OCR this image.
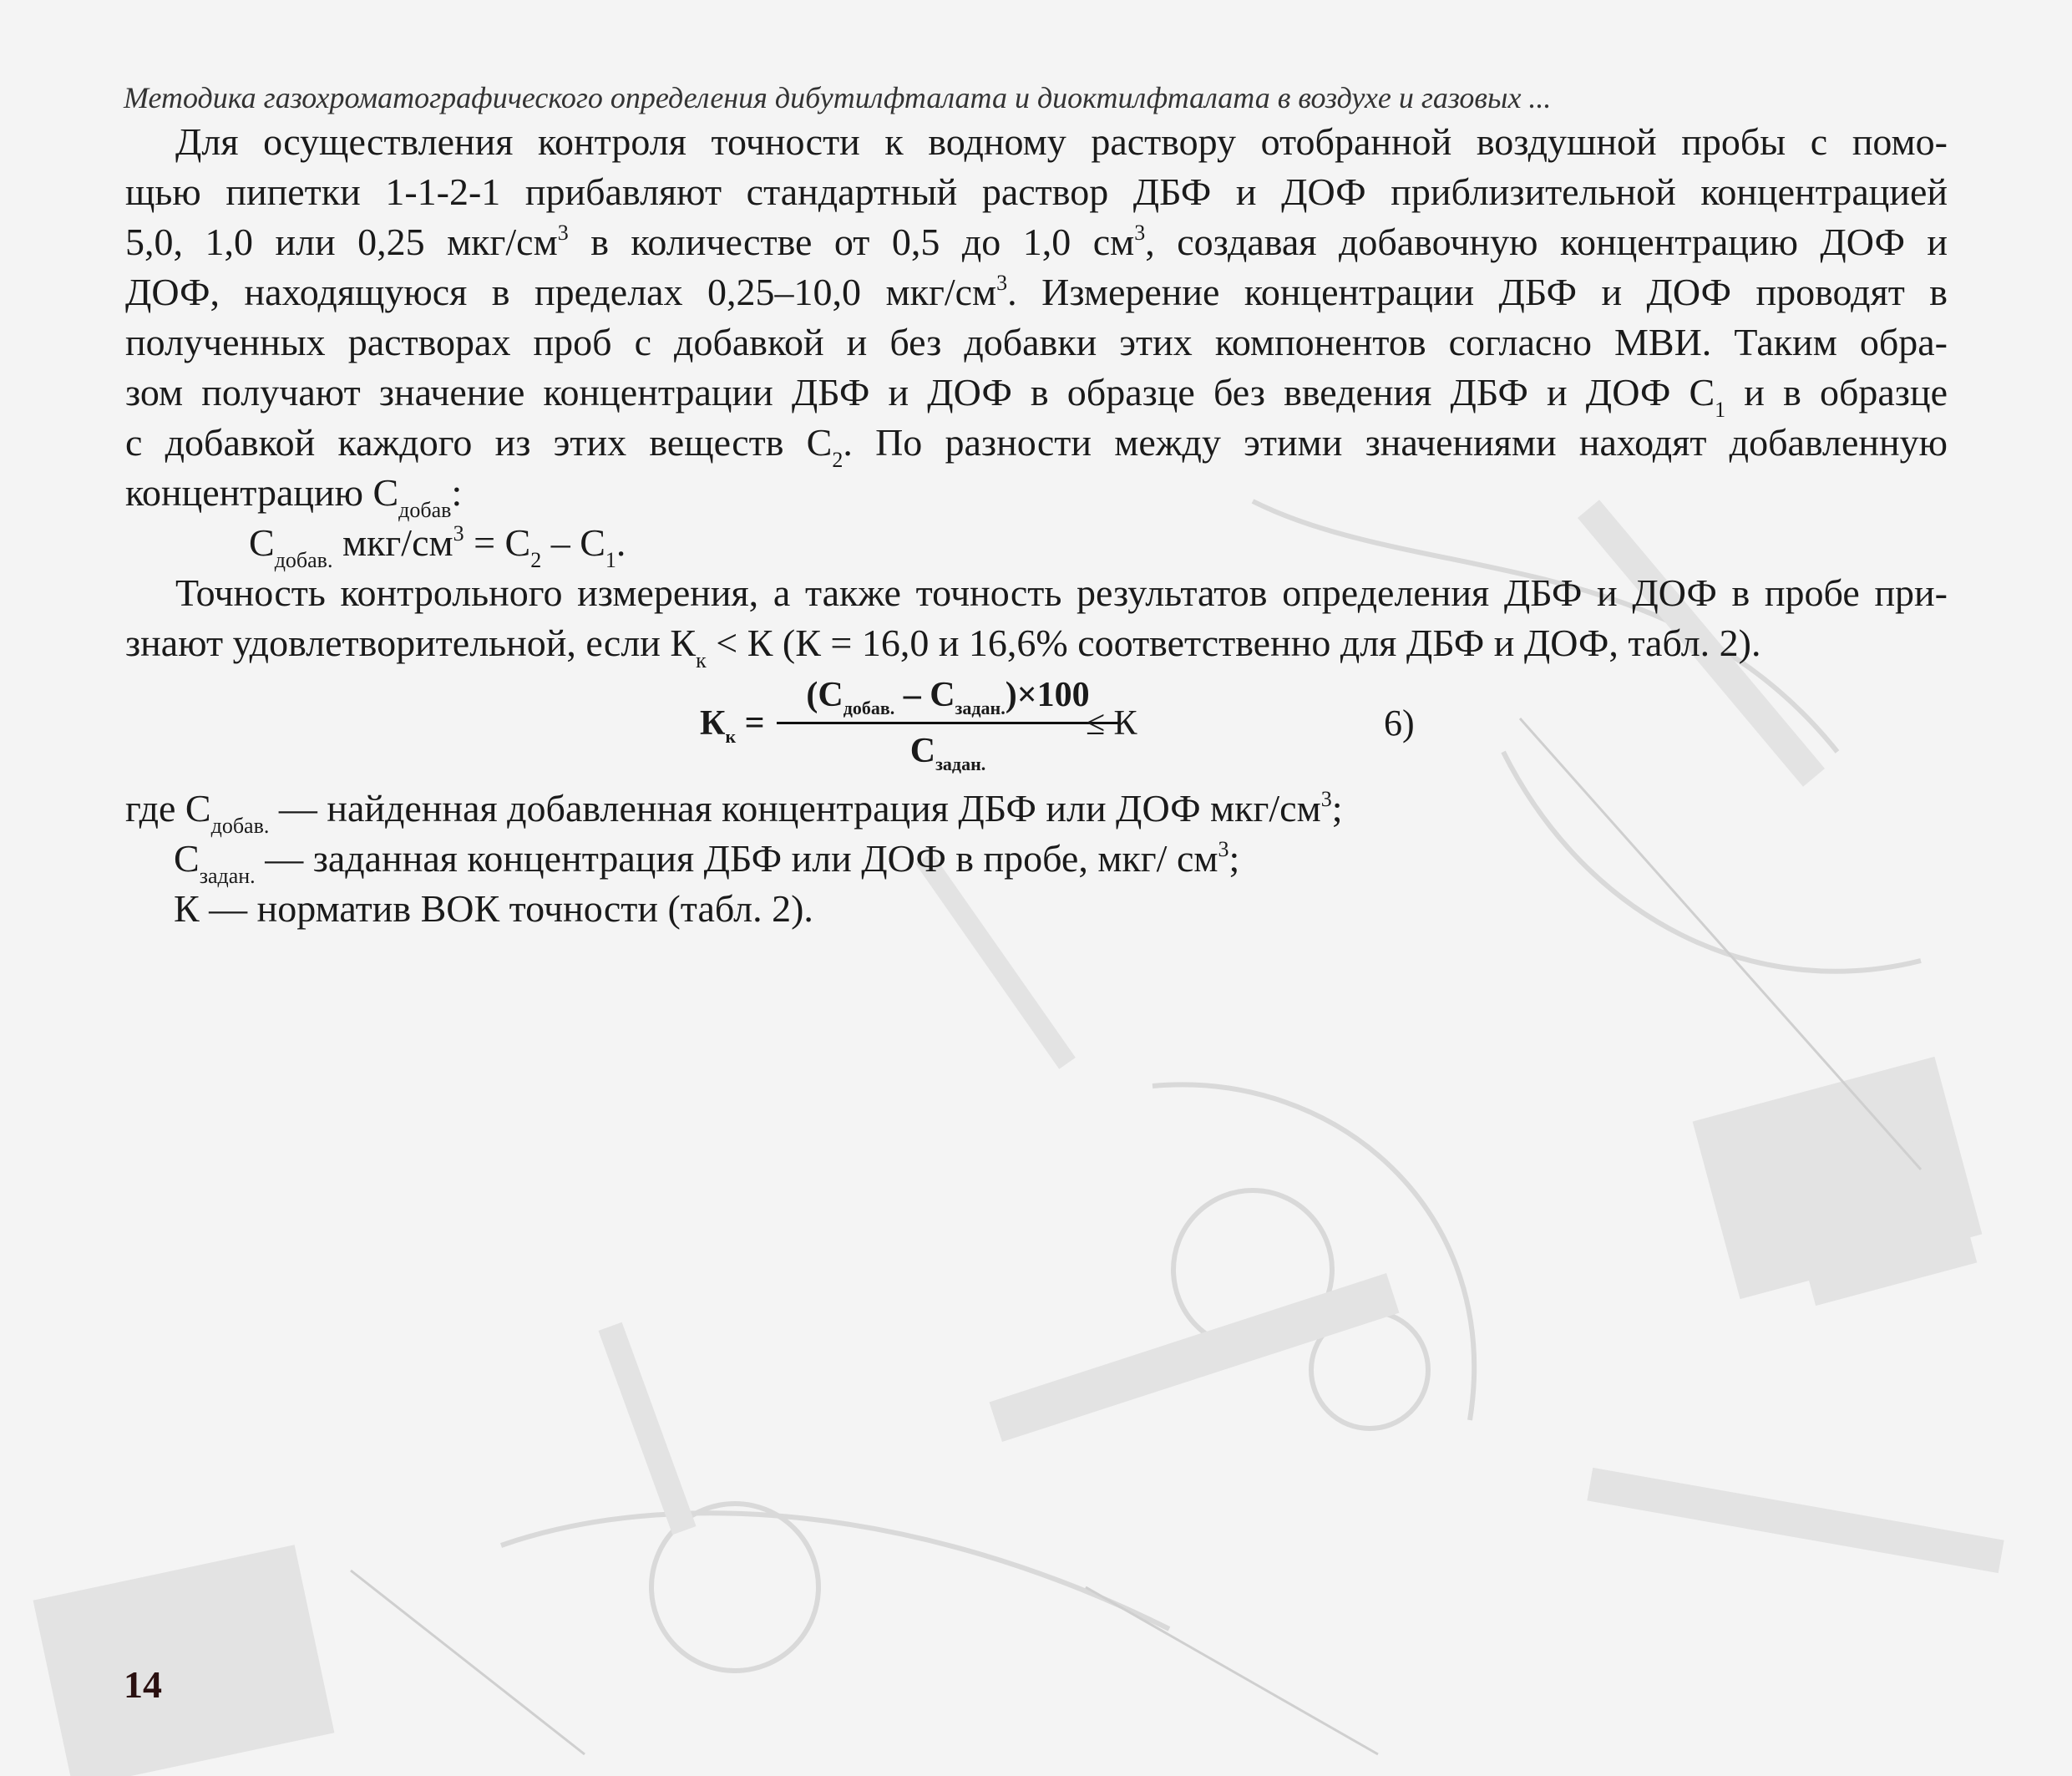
Методика газохроматографического определения дибутилфталата и диоктилфталата в воздухе и газовых ...
Для осуществления контроля точности к водному раствору отобранной воздушной пробы с помо-
щью пипетки 1-1-2-1 прибавляют стандартный раствор ДБФ и ДОФ приблизительной концентрацией
5,0, 1,0 или 0,25 мкг/$см^3$ в количестве от 0,5 до 1,0 $см^3$, создавая добавочную концентрацию ДОФ и
ДОФ, находящуюся в пределах 0,25–10,0 мкг/$см^3$. Измерение концентрации ДБФ и ДОФ проводят в
полученных растворах проб с добавкой и без добавки этих компонентов согласно МВИ. Таким обра-
зом получают значение концентрации ДБФ и ДОФ в образце без введения ДБФ и ДОФ $С_1$ и в образце
с добавкой каждого из этих веществ $С_2$. По разности между этими значениями находят добавленную
концентрацию $С_{добав}$:
$С_{добав.}$ мкг/$см^3 = С_2 - С_1$.
Точность контрольного измерения, а также точность результатов определения ДБФ и ДОФ в пробе при-
знают удовлетворительной, если $К_к < К$ (К = 16,0 и 16,6% соответственно для ДБФ и ДОФ, табл. 2).
$К_к$ =
$(С_{добав.} - С_{задан.})\times 100$
$С_{задан.}$
≤ К	6)
где $С_{добав.}$ — найденная добавленная концентрация ДБФ или ДОФ мкг/$см^3$;
$С_{задан.}$ — заданная концентрация ДБФ или ДОФ в пробе, мкг/ $см^3$;
К — норматив ВОК точности (табл. 2).
14
